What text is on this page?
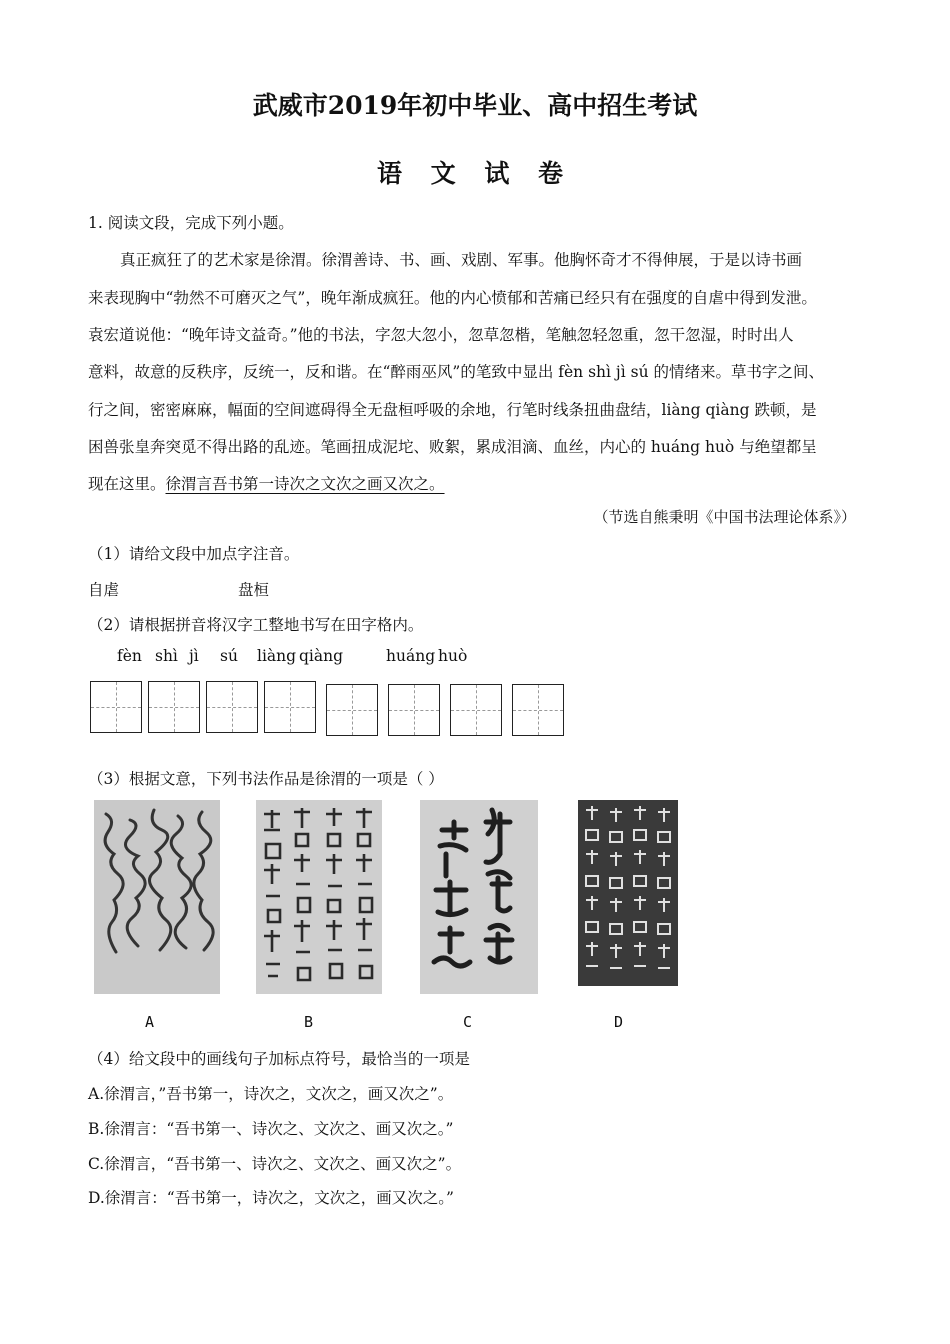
武威市2019年初中毕业、高中招生考试
语 文 试 卷
1. 阅读文段，完成下列小题。
真正疯狂了的艺术家是徐渭。徐渭善诗、书、画、戏剧、军事。他胸怀奇才不得伸展，于是以诗书画
来表现胸中“勃然不可磨灭之气”，晚年渐成疯狂。他的内心愤郁和苦痛已经只有在强度的自虐中得到发泄。
袁宏道说他：“晚年诗文益奇。”他的书法，字忽大忽小，忽草忽楷，笔触忽轻忽重，忽干忽湿，时时出人
意料，故意的反秩序，反统一，反和谐。在“醉雨巫风”的笔致中显出 fèn shì jì sú 的情绪来。草书字之间、
行之间，密密麻麻，幅面的空间遮碍得全无盘桓呼吸的余地，行笔时线条扭曲盘结，liàng qiàng 跌顿，是
困兽张皇奔突觅不得出路的乱迹。笔画扭成泥坨、败絮，累成泪滴、血丝，内心的 huáng huò 与绝望都呈
现在这里。徐渭言吾书第一诗次之文次之画又次之。
（节选自熊秉明《中国书法理论体系》）
（1）请给文段中加点字注音。
自虐	盘桓
（2）请根据拼音将汉字工整地书写在田字格内。
fèn shì jì sú liàng qiàng	huáng huò
（3）根据文意，下列书法作品是徐渭的一项是（ ）
A	B	C	D
（4）给文段中的画线句子加标点符号，最恰当的一项是
A.徐渭言，”吾书第一，诗次之，文次之，画又次之”。
B.徐渭言：“吾书第一、诗次之、文次之、画又次之。”
C.徐渭言，“吾书第一、诗次之、文次之、画又次之”。
D.徐渭言：“吾书第一，诗次之，文次之，画又次之。”
